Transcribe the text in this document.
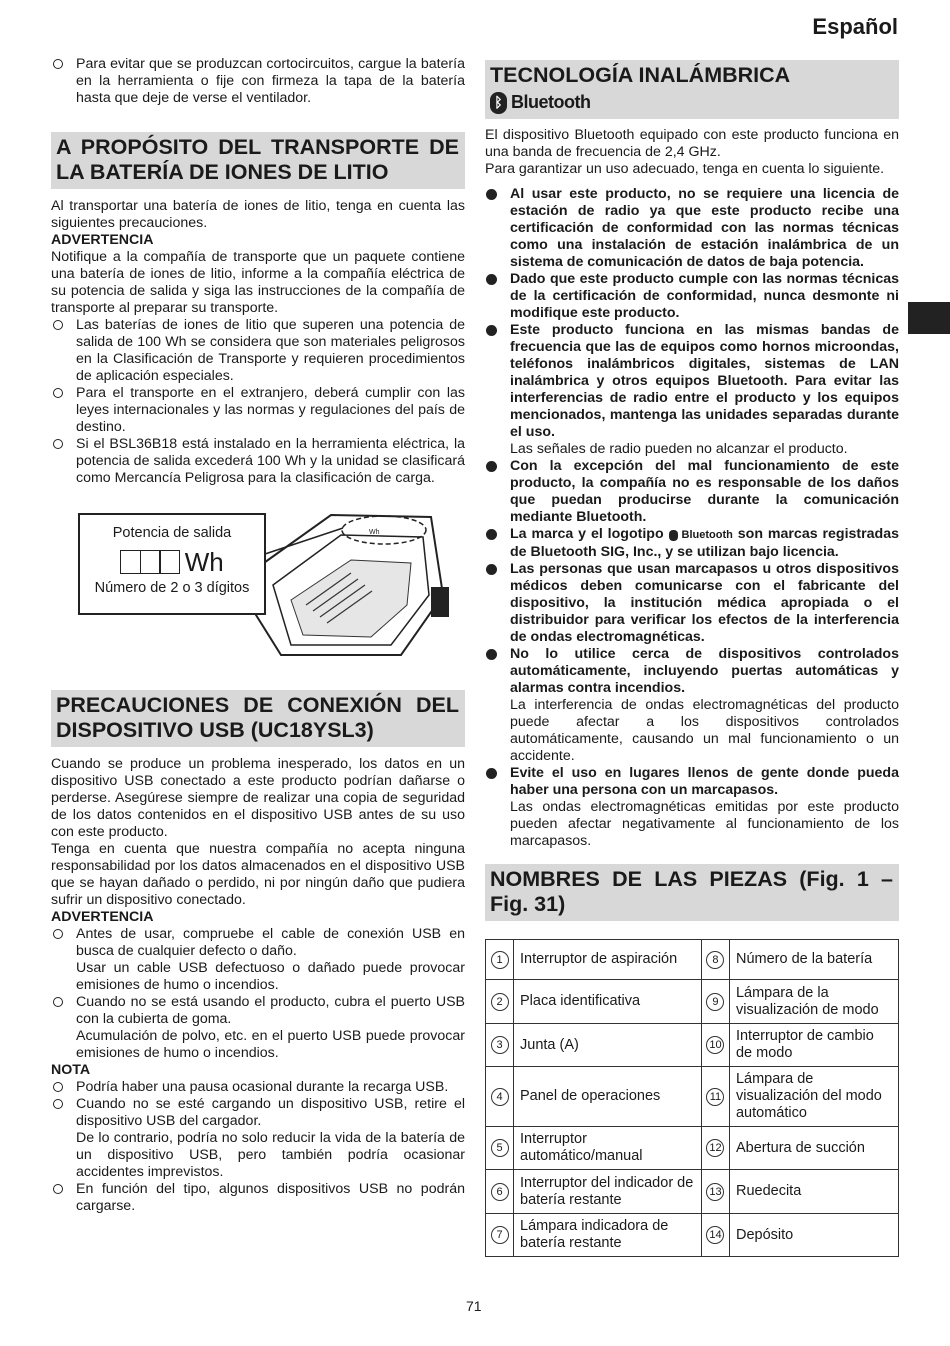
Español

Para evitar que se produzcan cortocircuitos, cargue la batería en la herramienta o fije con firmeza la tapa de la batería hasta que deje de verse el ventilador.

A PROPÓSITO DEL TRANSPORTE DE LA BATERÍA DE IONES DE LITIO

Al transportar una batería de iones de litio, tenga en cuenta las siguientes precauciones.

ADVERTENCIA

Notifique a la compañía de transporte que un paquete contiene una batería de iones de litio, informe a la compañía eléctrica de su potencia de salida y siga las instrucciones de la compañía de transporte al preparar su transporte.

Las baterías de iones de litio que superen una potencia de salida de 100 Wh se considera que son materiales peligrosos en la Clasificación de Transporte y requieren procedimientos de aplicación especiales.

Para el transporte en el extranjero, deberá cumplir con las leyes internacionales y las normas y regulaciones del país de destino.

Si el BSL36B18 está instalado en la herramienta eléctrica, la potencia de salida excederá 100 Wh y la unidad se clasificará como Mercancía Peligrosa para la clasificación de carga.

Wh
Potencia de salida
Wh
Número de 2 o 3 dígitos
PRECAUCIONES DE CONEXIÓN DEL DISPOSITIVO USB (UC18YSL3)

Cuando se produce un problema inesperado, los datos en un dispositivo USB conectado a este producto podrían dañarse o perderse. Asegúrese siempre de realizar una copia de seguridad de los datos contenidos en el dispositivo USB antes de su uso con este producto.

Tenga en cuenta que nuestra compañía no acepta ninguna responsabilidad por los datos almacenados en el dispositivo USB que se hayan dañado o perdido, ni por ningún daño que pudiera sufrir un dispositivo conectado.

ADVERTENCIA

Antes de usar, compruebe el cable de conexión USB en busca de cualquier defecto o daño.
Usar un cable USB defectuoso o dañado puede provocar emisiones de humo o incendios.
Cuando no se está usando el producto, cubra el puerto USB con la cubierta de goma.
Acumulación de polvo, etc. en el puerto USB puede provocar emisiones de humo o incendios.

NOTA

Podría haber una pausa ocasional durante la recarga USB.
Cuando no se esté cargando un dispositivo USB, retire el dispositivo USB del cargador.
De lo contrario, podría no solo reducir la vida de la batería de un dispositivo USB, pero también podría ocasionar accidentes imprevistos.
En función del tipo, algunos dispositivos USB no podrán cargarse.
TECNOLOGÍA INALÁMBRICA
ᛒ Bluetooth

El dispositivo Bluetooth equipado con este producto funciona en una banda de frecuencia de 2,4 GHz.

Para garantizar un uso adecuado, tenga en cuenta lo siguiente.

Al usar este producto, no se requiere una licencia de estación de radio ya que este producto recibe una certificación de conformidad con las normas técnicas como una instalación de estación inalámbrica de un sistema de comunicación de datos de baja potencia.
Dado que este producto cumple con las normas técnicas de la certificación de conformidad, nunca desmonte ni modifique este producto.
Este producto funciona en las mismas bandas de frecuencia que las de equipos como hornos microondas, teléfonos inalámbricos digitales, sistemas de LAN inalámbrica y otros equipos Bluetooth. Para evitar las interferencias de radio entre el producto y los equipos mencionados, mantenga las unidades separadas durante el uso.
Las señales de radio pueden no alcanzar el producto.
Con la excepción del mal funcionamiento de este producto, la compañía no es responsable de los daños que puedan producirse durante la comunicación mediante Bluetooth.
La marca y el logotipo Bluetooth son marcas registradas de Bluetooth SIG, Inc., y se utilizan bajo licencia.
Las personas que usan marcapasos u otros dispositivos médicos deben comunicarse con el fabricante del dispositivo, la institución médica apropiada o el distribuidor para verificar los efectos de la interferencia de ondas electromagnéticas.
No lo utilice cerca de dispositivos controlados automáticamente, incluyendo puertas automáticas y alarmas contra incendios.
La interferencia de ondas electromagnéticas del producto puede afectar a los dispositivos controlados automáticamente, causando un mal funcionamiento o un accidente.
Evite el uso en lugares llenos de gente donde pueda haber una persona con un marcapasos.
Las ondas electromagnéticas emitidas por este producto pueden afectar negativamente al funcionamiento de los marcapasos.
NOMBRES DE LAS PIEZAS (Fig. 1 – Fig. 31)
1	Interruptor de aspiración	8	Número de la batería
2	Placa identificativa	9	Lámpara de la visualización de modo
3	Junta (A)	10	Interruptor de cambio de modo
4	Panel de operaciones	11	Lámpara de visualización del modo automático
5	Interruptor automático/manual	12	Abertura de succión
6	Interruptor del indicador de batería restante	13	Ruedecita
7	Lámpara indicadora de batería restante	14	Depósito
71
